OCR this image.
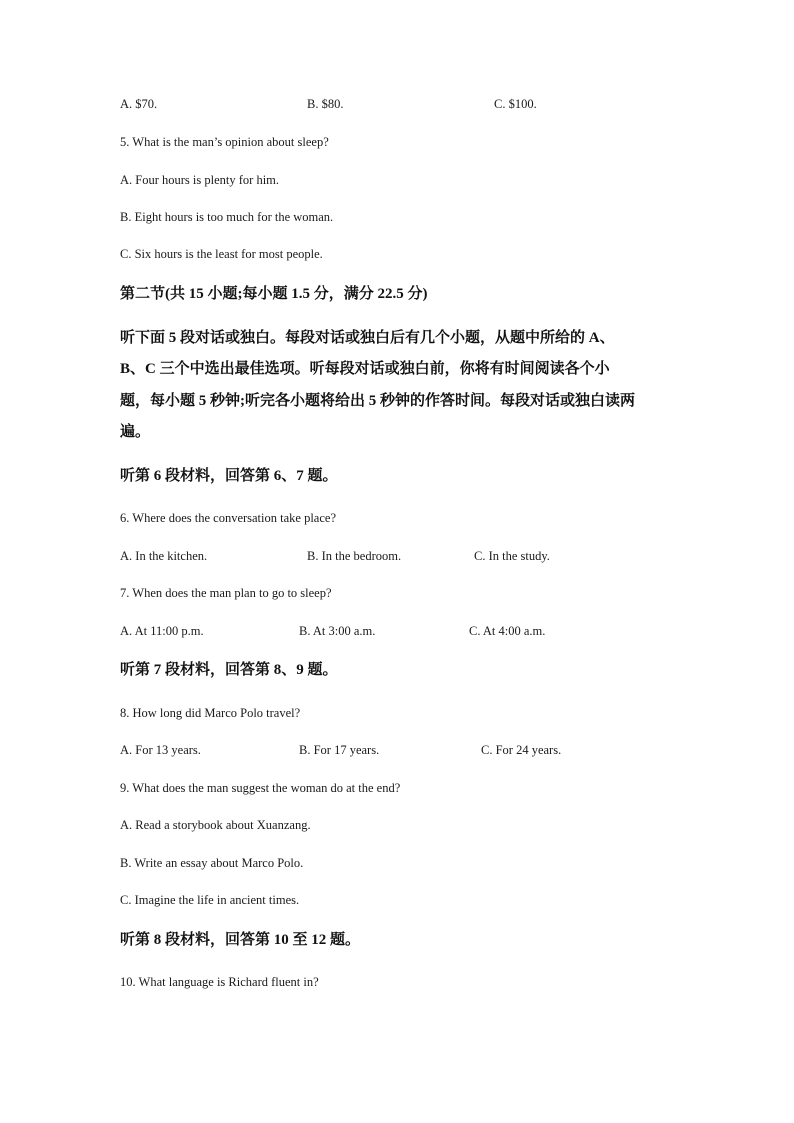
A. $70.	B. $80.	C. $100.
5. What is the man’s opinion about sleep?
A. Four hours is plenty for him.
B. Eight hours is too much for the woman.
C. Six hours is the least for most people.
第二节(共 15 小题;每小题 1.5 分，满分 22.5 分)
听下面 5 段对话或独白。每段对话或独白后有几个小题，从题中所给的 A、
B、C 三个中选出最佳选项。听每段对话或独白前，你将有时间阅读各个小
题，每小题 5 秒钟;听完各小题将给出 5 秒钟的作答时间。每段对话或独白读两
遍。
听第 6 段材料，回答第 6、7 题。
6. Where does the conversation take place?
A. In the kitchen.	B. In the bedroom.	C. In the study.
7. When does the man plan to go to sleep?
A. At 11:00 p.m.	B. At 3:00 a.m.	C. At 4:00 a.m.
听第 7 段材料，回答第 8、9 题。
8. How long did Marco Polo travel?
A. For 13 years.	B. For 17 years.	C. For 24 years.
9. What does the man suggest the woman do at the end?
A. Read a storybook about Xuanzang.
B. Write an essay about Marco Polo.
C. Imagine the life in ancient times.
听第 8 段材料，回答第 10 至 12 题。
10. What language is Richard fluent in?
